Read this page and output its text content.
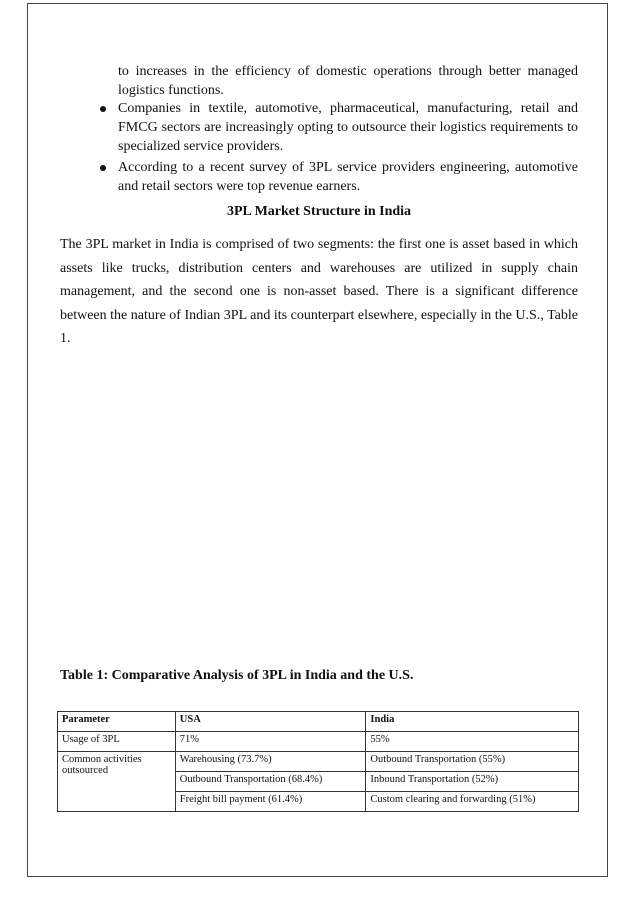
to increases in the efficiency of domestic operations through better managed logistics functions.

Companies in textile, automotive, pharmaceutical, manufacturing, retail and FMCG sectors are increasingly opting to outsource their logistics requirements to specialized service providers.
According to a recent survey of 3PL service providers engineering, automotive and retail sectors were top revenue earners.
3PL Market Structure in India

The 3PL market in India is comprised of two segments: the first one is asset based in which assets like trucks, distribution centers and warehouses are utilized in supply chain management, and the second one is non-asset based. There is a significant difference between the nature of Indian 3PL and its counterpart elsewhere, especially in the U.S., Table 1.

Table 1: Comparative Analysis of 3PL in India and the U.S.
Parameter	USA	India
Usage of 3PL	71%	55%
Common activities outsourced	Warehousing (73.7%)	Outbound Transportation (55%)
	Outbound Transportation (68.4%)	Inbound Transportation (52%)
	Freight bill payment (61.4%)	Custom clearing and forwarding (51%)
